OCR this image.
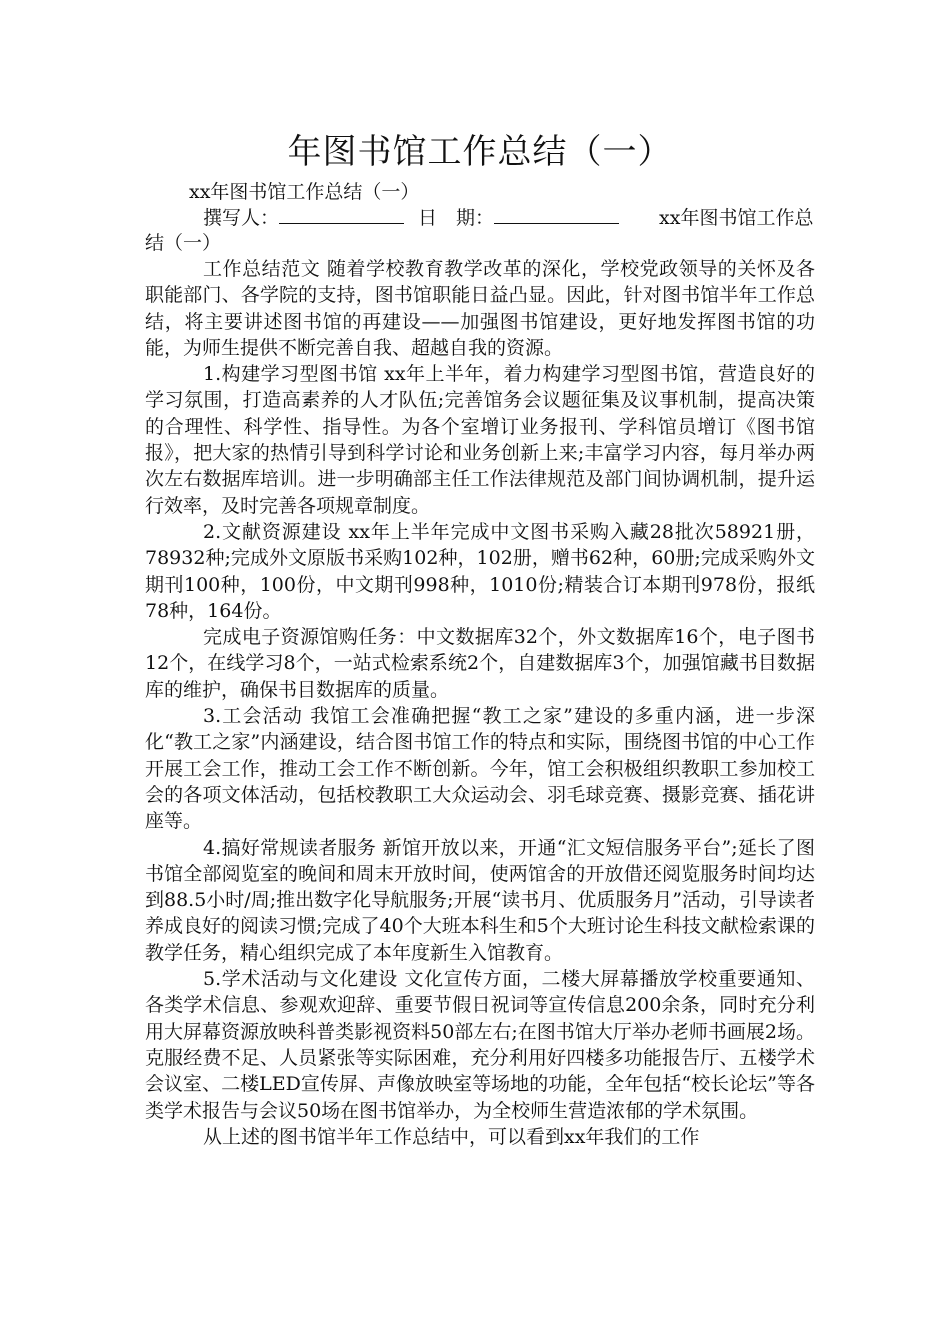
年图书馆工作总结（一）

xx年图书馆工作总结（一）

撰写人：	日　期：	xx年图书馆工作总结（一）

工作总结范文 随着学校教育教学改革的深化，学校党政领导的关怀及各职能部门、各学院的支持，图书馆职能日益凸显。因此，针对图书馆半年工作总结，将主要讲述图书馆的再建设——加强图书馆建设，更好地发挥图书馆的功能，为师生提供不断完善自我、超越自我的资源。

1.构建学习型图书馆 xx年上半年，着力构建学习型图书馆，营造良好的学习氛围，打造高素养的人才队伍;完善馆务会议题征集及议事机制，提高决策的合理性、科学性、指导性。为各个室增订业务报刊、学科馆员增订《图书馆报》，把大家的热情引导到科学讨论和业务创新上来;丰富学习内容，每月举办两次左右数据库培训。进一步明确部主任工作法律规范及部门间协调机制，提升运行效率，及时完善各项规章制度。

2.文献资源建设 xx年上半年完成中文图书采购入藏28批次58921册，78932种;完成外文原版书采购102种，102册，赠书62种，60册;完成采购外文期刊100种，100份，中文期刊998种，1010份;精装合订本期刊978份，报纸78种，164份。

完成电子资源馆购任务：中文数据库32个，外文数据库16个，电子图书12个，在线学习8个，一站式检索系统2个，自建数据库3个，加强馆藏书目数据库的维护，确保书目数据库的质量。

3.工会活动 我馆工会准确把握“教工之家”建设的多重内涵，进一步深化“教工之家”内涵建设，结合图书馆工作的特点和实际，围绕图书馆的中心工作开展工会工作，推动工会工作不断创新。今年，馆工会积极组织教职工参加校工会的各项文体活动，包括校教职工大众运动会、羽毛球竞赛、摄影竞赛、插花讲座等。

4.搞好常规读者服务 新馆开放以来，开通“汇文短信服务平台”;延长了图书馆全部阅览室的晚间和周末开放时间，使两馆舍的开放借还阅览服务时间均达到88.5小时/周;推出数字化导航服务;开展“读书月、优质服务月”活动，引导读者养成良好的阅读习惯;完成了40个大班本科生和5个大班讨论生科技文献检索课的教学任务，精心组织完成了本年度新生入馆教育。

5.学术活动与文化建设 文化宣传方面，二楼大屏幕播放学校重要通知、各类学术信息、参观欢迎辞、重要节假日祝词等宣传信息200余条，同时充分利用大屏幕资源放映科普类影视资料50部左右;在图书馆大厅举办老师书画展2场。克服经费不足、人员紧张等实际困难，充分利用好四楼多功能报告厅、五楼学术会议室、二楼LED宣传屏、声像放映室等场地的功能，全年包括“校长论坛”等各类学术报告与会议50场在图书馆举办，为全校师生营造浓郁的学术氛围。

从上述的图书馆半年工作总结中，可以看到xx年我们的工作
